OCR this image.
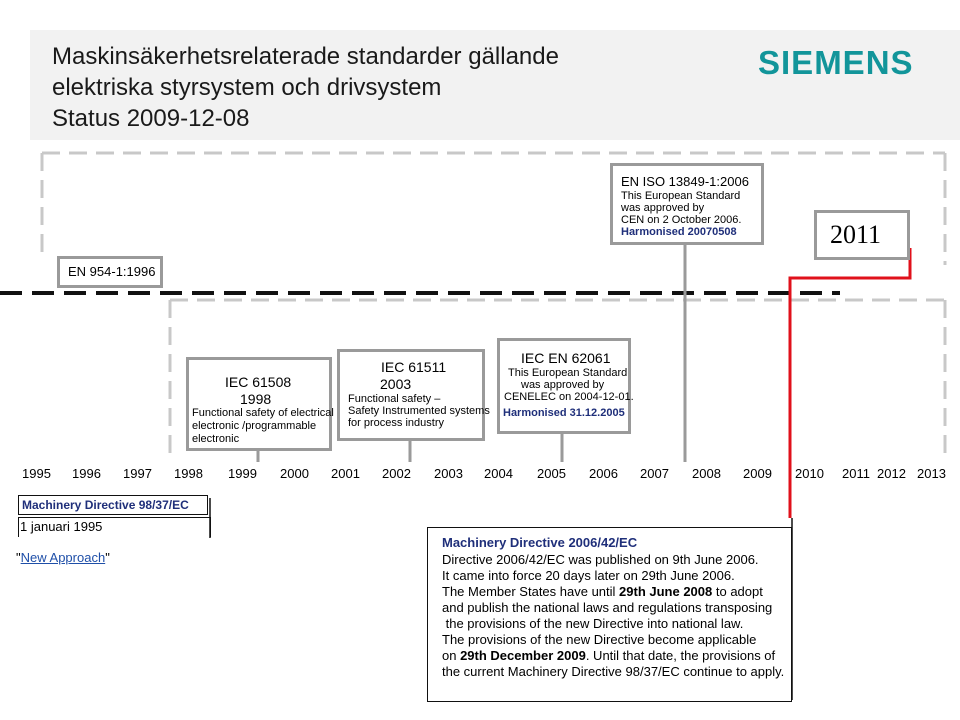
Maskinsäkerhetsrelaterade standarder gällande
elektriska styrsystem och drivsystem
Status 2009-12-08
SIEMENS
EN 954-1:1996
EN ISO 13849-1:2006
This European Standard
was approved by
CEN on 2 October 2006.
Harmonised 20070508	2011
IEC 61508
1998
Functional safety of electrical
electronic /programmable
electronic
IEC 61511
2003
Functional safety –
Safety Instrumented systems
for process industry
IEC EN 62061
This European Standard
was approved by
CENELEC on 2004-12-01.
Harmonised 31.12.2005
1995 1996 1997 1998 1999 2000 2001 2002 2003 2004 2005 2006 2007 2008 2009 2010 2011 2012 2013
Machinery Directive 98/37/EC
1 januari 1995
"New Approach"
Machinery Directive 2006/42/EC
Directive 2006/42/EC was published on 9th June 2006.
It came into force 20 days later on 29th June 2006.
The Member States have until 29th June 2008 to adopt
and publish the national laws and regulations transposing
the provisions of the new Directive into national law.
The provisions of the new Directive become applicable
on 29th December 2009. Until that date, the provisions of
the current Machinery Directive 98/37/EC continue to apply.
